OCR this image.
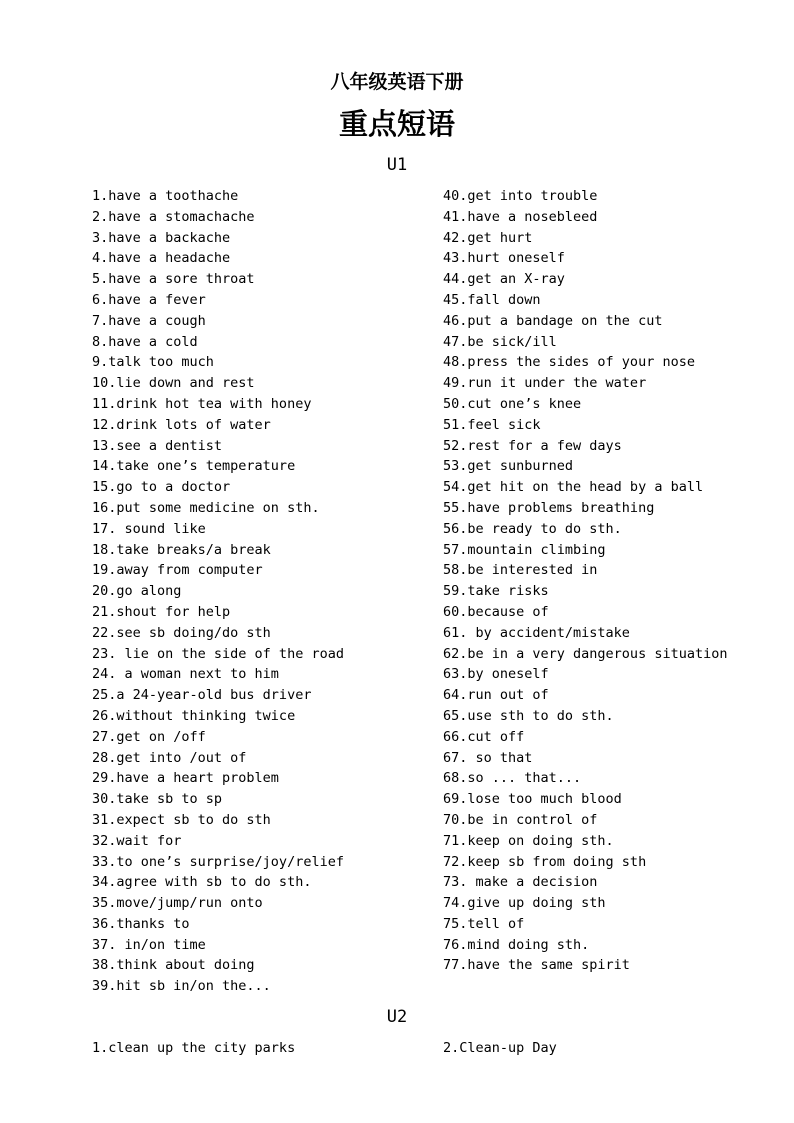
八年级英语下册
重点短语
U1
1.have a toothache
2.have a stomachache
3.have a backache
4.have a headache
5.have a sore throat
6.have a fever
7.have a cough
8.have a cold
9.talk too much
10.lie down and rest
11.drink hot tea with honey
12.drink lots of water
13.see a dentist
14.take one’s temperature
15.go to a doctor
16.put some medicine on sth.
17. sound like
18.take breaks/a break
19.away from computer
20.go along
21.shout for help
22.see sb doing/do sth
23. lie on the side of the road
24. a woman next to him
25.a 24-year-old bus driver
26.without thinking twice
27.get on /off
28.get into /out of
29.have a heart problem
30.take sb to sp
31.expect sb to do sth
32.wait for
33.to one’s surprise/joy/relief
34.agree with sb to do sth.
35.move/jump/run onto
36.thanks to
37. in/on time
38.think about doing
39.hit sb in/on the...
40.get into trouble
41.have a nosebleed
42.get hurt
43.hurt oneself
44.get an X-ray
45.fall down
46.put a bandage on the cut
47.be sick/ill
48.press the sides of your nose
49.run it under the water
50.cut one’s knee
51.feel sick
52.rest for a few days
53.get sunburned
54.get hit on the head by a ball
55.have problems breathing
56.be ready to do sth.
57.mountain climbing
58.be interested in
59.take risks
60.because of
61. by accident/mistake
62.be in a very dangerous situation
63.by oneself
64.run out of
65.use sth to do sth.
66.cut off
67. so that
68.so ... that...
69.lose too much blood
70.be in control of
71.keep on doing sth.
72.keep sb from doing sth
73. make a decision
74.give up doing sth
75.tell of
76.mind doing sth.
77.have the same spirit
U2
1.clean up the city parks	2.Clean-up Day
